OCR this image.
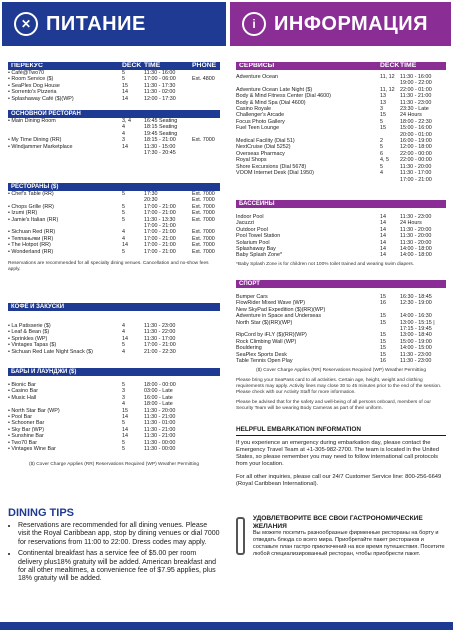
✕ ПИТАНИЕ	i ИНФОРМАЦИЯ
ПЕРЕКУС	DECK TIME	PHONE
• Café@Two70	5	11:30 - 16:00
• Room Service ($)	5	17:00 - 06:00	Ext. 4800
• SeaPlex Dog House	15	11:30 - 17:30
• Sorrento's Pizzeria	14	11:30 - 02:00
• Splashaway Café ($)(WP)	14	12:00 - 17:30
ОСНОВНОЙ РЕСТОРАН
• Main Dining Room	3, 4	16:45 Seating
4	18:15 Seating
4	19:45 Seating
• My Time Dining (RR)	3	18:15 - 21:00	Ext. 7000
• Windjammer Marketplace	14	11:30 - 15:00
17:30 - 20:45
РЕСТОРАНЫ ($)
• Chef's Table (RR)	5	17:30	Ext. 7000
20:30	Ext. 7000
• Chops Grille (RR)	5	17:00 - 21:00	Ext. 7000
• Izumi (RR)	5	17:00 - 21:00	Ext. 7000
• Jamie's Italian (RR)	5	11:30 - 13:30	Ext. 7000
17:00 - 21:00
• Sichuan Red (RR)	4	17:00 - 21:00	Ext. 7000
• Теппаньяки (RR)	4	17:00 - 21:00	Ext. 7000
• The Hotpot (RR)	14	17:00 - 21:00	Ext. 7000
• Wonderland (RR)	5	17:00 - 21:00	Ext. 7000
Reservations are recommended for all specialty dining venues. Cancellation and no-show fees apply.
КОФЕ И ЗАКУСКИ
• La Patisserie ($)	4	11:30 - 23:00
• Leaf & Bean ($)	4	11:30 - 22:00
• Sprinkles (WP)	14	11:30 - 17:00
• Vintages Tapas ($)	5	17:00 - 21:00
• Sichuan Red Late Night Snack ($)	4	21:00 - 22:30
БАРЫ И ЛАУНДЖИ ($)
• Bionic Bar	5	18:00 - 00:00
• Casino Bar	3	03:00 - Late
• Music Hall	3	16:00 - Late
4	18:00 - Late
• North Star Bar (WP)	15	11:30 - 20:00
• Pool Bar	14	11:30 - 21:00
• Schooner Bar	5	11:30 - 01:00
• Sky Bar (WP)	14	11:30 - 21:00
• Sunshine Bar	14	11:30 - 21:00
• Two70 Bar	5	11:30 - 00:00
• Vintages Wine Bar	5	11:30 - 00:00
($) Cover Charge Applies (RR) Reservations Required (WP) Weather Permitting
DINING TIPS
• Reservations are recommended for all dining venues. Please visit the Royal Caribbean app, stop by dining venues or dial 7000 for reservations from 11:00 to 22:00. Dress codes may apply.
• Continental breakfast has a service fee of $5.00 per room delivery plus18% gratuity will be added. American breakfast and for all other mealtimes, a convenience fee of $7.95 applies, plus 18% gratuity will be added.
СЕРВИСЫ	DECK TIME
Adventure Ocean	11, 12	11:30 - 16:00
19:00 - 22:00
Adventure Ocean Late Night ($)	11, 12	22:00 - 01:00
Body & Mind Fitness Center (Dial 4600)	13	11:30 - 21:00
Body & Mind Spa (Dial 4600)	13	11:30 - 23:00
Casino Royale	3	23:30 - Late
Challenger's Arcade	15	24 Hours
Focus Photo Gallery	5	18:00 - 22:30
Fuel Teen Lounge	15	15:00 - 16:00
20:00 - 01:00
Medical Facility (Dial 51)	2	16:00 - 19:00
NextCruise (Dial 5252)	5	12:00 - 18:00
Overseas Pharmacy	6	22:00 - 00:00
Royal Shops	4, 5	22:00 - 00:00
Shore Excursions (Dial 5678)	5	11:30 - 20:00
VOOM Internet Desk (Dial 1950)	4	11:30 - 17:00
17:00 - 21:00
БАССЕЙНЫ
Indoor Pool	14	11:30 - 23:00
Jacuzzi	14	24 Hours
Outdoor Pool	14	11:30 - 20:00
Pool Towel Station	14	11:30 - 20:00
Solarium Pool	14	11:30 - 20:00
Splashaway Bay	14	14:00 - 18:00
Baby Splash Zone*	14	14:00 - 18:00
*Baby Splash Zone is for children not 100% toilet trained and wearing swim diapers.
СПОРТ
Bumper Cars	15	16:30 - 18:45
FlowRider Mixed Wave (WP)	16	12:30 - 19:00
New SkyPad Expedition ($)(RR)(WP)
Adventure in Space and Underseas	15	14:00 - 16:30
North Star ($)(RR)(WP)	15	13:00 - 15:15 | 17:15 - 19:45
RipCord by iFLY ($)(RR)(WP)	15	13:00 - 18:40
Rock Climbing Wall (WP)	15	15:00 - 19:00
Bouldering	15	14:00 - 15:00
SeaPlex Sports Desk	15	11:30 - 23:00
Table Tennis Open Play	16	11:30 - 23:00
($) Cover Charge Applies (RR) Reservations Required (WP) Weather Permitting
Please bring your SeaPass card to all activities. Certain age, height, weight and clothing requirements may apply. Activity lines may close 30 to 45 minutes prior to the end of the session. Please check with our Activity Staff for more information.
Please be advised that for the safety and well-being of all persons onboard, members of our Security Team will be wearing Body Cameras as part of their uniform.
HELPFUL EMBARKATION INFORMATION
If you experience an emergency during embarkation day, please contact the Emergency Travel Team at +1-305-982-2700. The team is located in the United States, so please remember you may need to follow international call protocols from your location.
For all other inquiries, please call our 24/7 Customer Service line: 800-256-6649 (Royal Caribbean International).
УДОВЛЕТВОРИТЕ ВСЕ СВОИ ГАСТРОНОМИЧЕСКИЕ ЖЕЛАНИЯ

Вы можете посетить разнообразные фирменные рестораны на борту и отведать блюда со всего мира. Приобретайте пакет ресторанов и составьте план гастро приключений на все время путешествия. Посетите любой специализированный ресторан, чтобы приобрести пакет.
